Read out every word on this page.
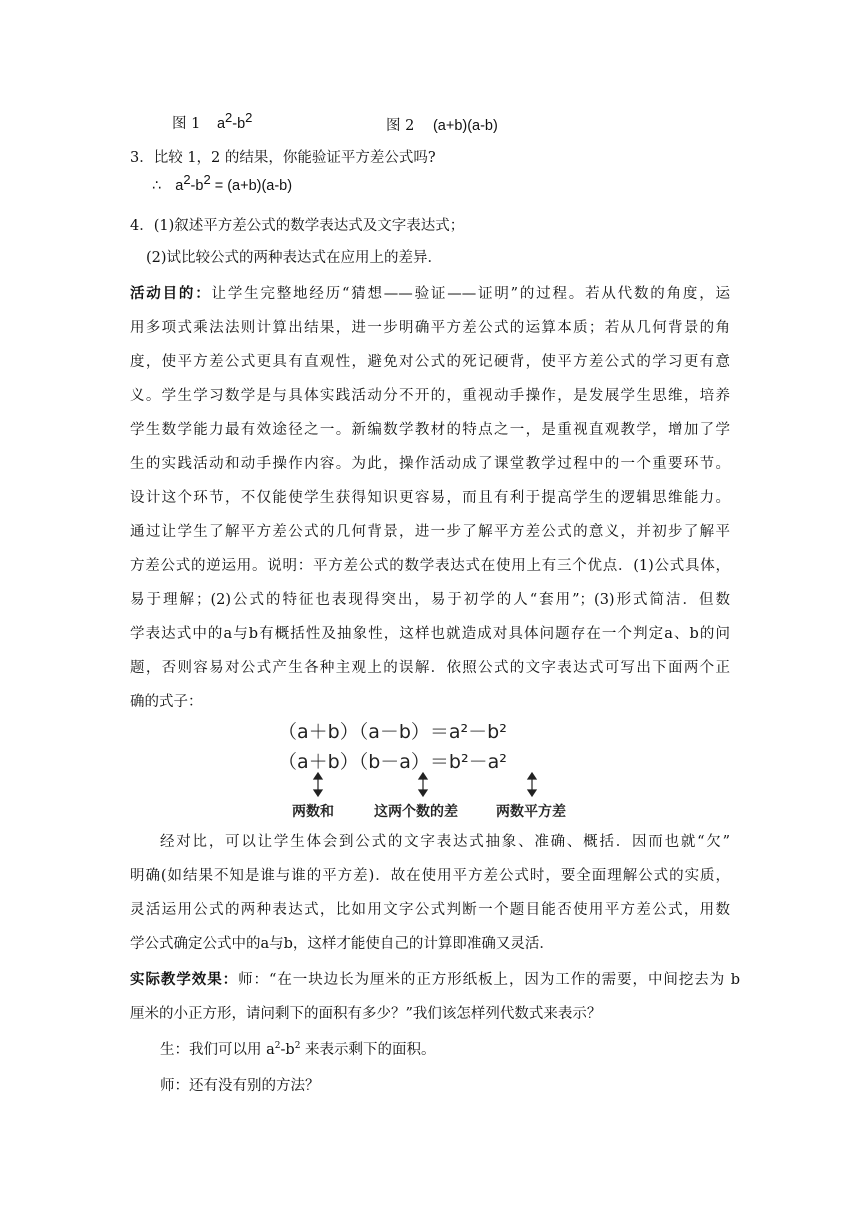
图 1 a2-b2
图 2 (a+b)(a-b)
3．比较 1，2 的结果，你能验证平方差公式吗?
∴ a2-b2 = (a+b)(a-b)
4．(1)叙述平方差公式的数学表达式及文字表达式；
(2)试比较公式的两种表达式在应用上的差异．
活动目的：让学生完整地经历“猜想——验证——证明”的过程。若从代数的角度，运
用多项式乘法法则计算出结果，进一步明确平方差公式的运算本质；若从几何背景的角
度，使平方差公式更具有直观性，避免对公式的死记硬背，使平方差公式的学习更有意
义。学生学习数学是与具体实践活动分不开的，重视动手操作，是发展学生思维，培养
学生数学能力最有效途径之一。新编数学教材的特点之一，是重视直观教学，增加了学
生的实践活动和动手操作内容。为此，操作活动成了课堂教学过程中的一个重要环节。
设计这个环节，不仅能使学生获得知识更容易，而且有利于提高学生的逻辑思维能力。
通过让学生了解平方差公式的几何背景，进一步了解平方差公式的意义，并初步了解平
方差公式的逆运用。说明：平方差公式的数学表达式在使用上有三个优点．(1)公式具体，
易于理解；(2)公式的特征也表现得突出，易于初学的人“套用”；(3)形式简洁．但数
学表达式中的a与b有概括性及抽象性，这样也就造成对具体问题存在一个判定a、b的问
题，否则容易对公式产生各种主观上的误解．依照公式的文字表达式可写出下面两个正
确的式子：
（a＋b）（a－b）＝a²－b²
（a＋b）（b－a）＝b²－a²
两数和	这两个数的差	两数平方差
经对比，可以让学生体会到公式的文字表达式抽象、准确、概括．因而也就“欠”
明确(如结果不知是谁与谁的平方差)．故在使用平方差公式时，要全面理解公式的实质，
灵活运用公式的两种表达式，比如用文字公式判断一个题目能否使用平方差公式，用数
学公式确定公式中的a与b，这样才能使自己的计算即准确又灵活．
实际教学效果：师：“在一块边长为厘米的正方形纸板上，因为工作的需要，中间挖去为 b
厘米的小正方形，请问剩下的面积有多少？”我们该怎样列代数式来表示？
生：我们可以用 $a^2-b^2$ 来表示剩下的面积。
师：还有没有别的方法？
